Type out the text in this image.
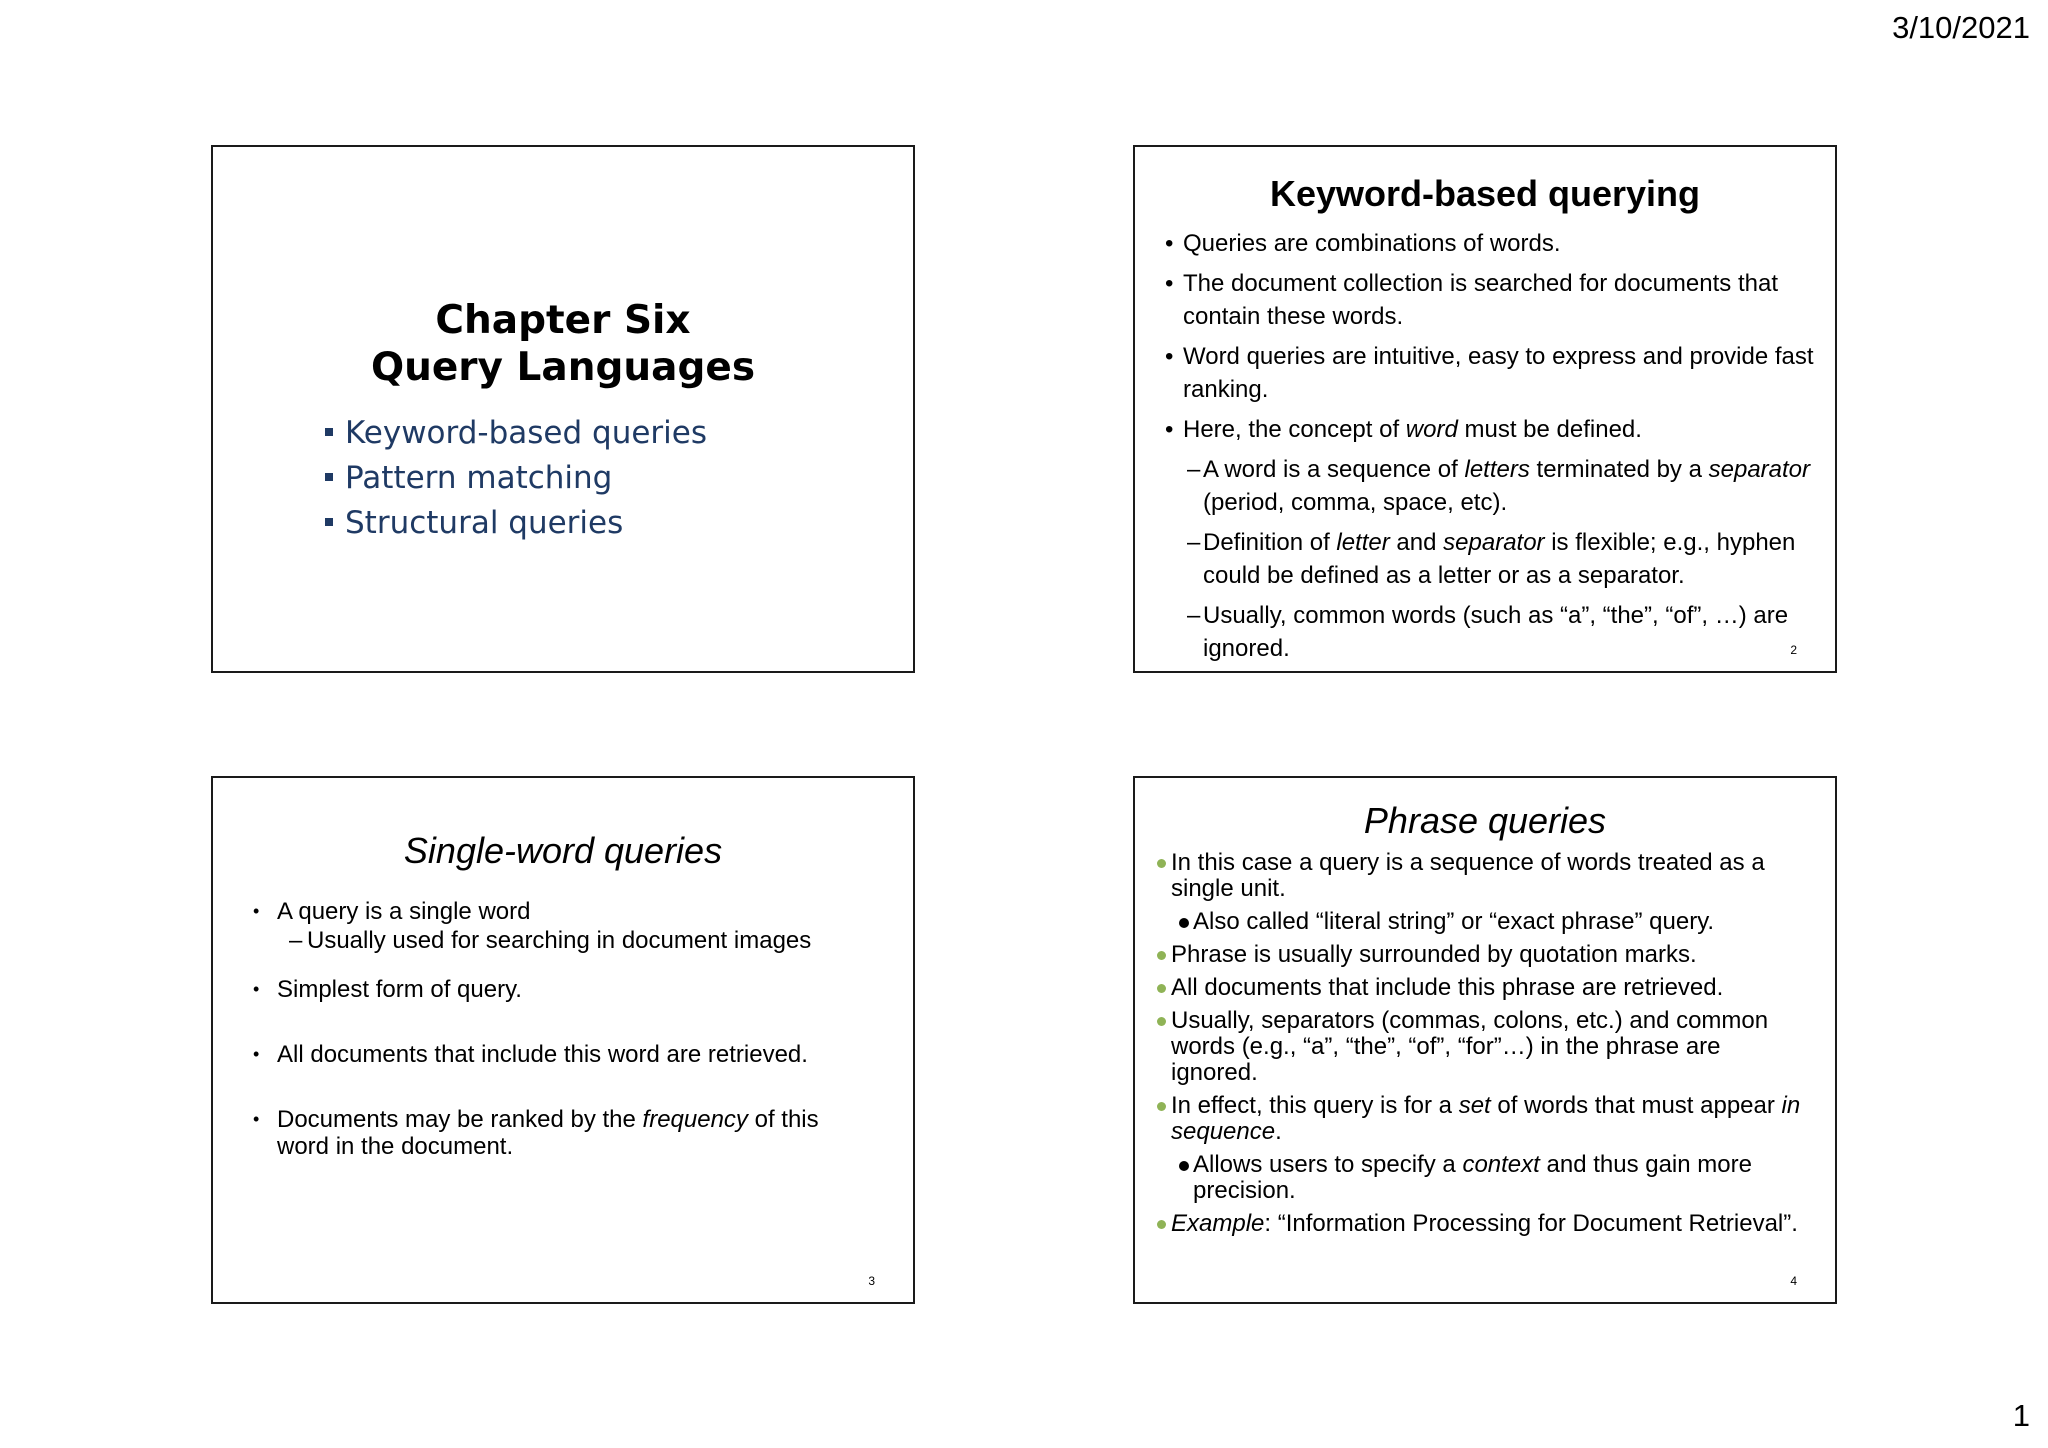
3/10/2021
Chapter Six
Query Languages
Keyword-based queries
Pattern matching
Structural queries
Keyword-based querying
• Queries are combinations of words.
• The document collection is searched for documents that contain these words.
• Word queries are intuitive, easy to express and provide fast ranking.
• Here, the concept of word must be defined.
– A word is a sequence of letters terminated by a separator (period, comma, space, etc).
– Definition of letter and separator is flexible; e.g., hyphen could be defined as a letter or as a separator.
– Usually, common words (such as “a”, “the”, “of”, …) are ignored.	2
Single-word queries
• A query is a single word
– Usually used for searching in document images
• Simplest form of query.
• All documents that include this word are retrieved.
• Documents may be ranked by the frequency of this word in the document.
3
Phrase queries
In this case a query is a sequence of words treated as a single unit.
Also called “literal string” or “exact phrase” query.
Phrase is usually surrounded by quotation marks.
All documents that include this phrase are retrieved.
Usually, separators (commas, colons, etc.) and common words (e.g., “a”, “the”, “of”, “for”…) in the phrase are ignored.
In effect, this query is for a set of words that must appear in sequence.
Allows users to specify a context and thus gain more precision.
Example: “Information Processing for Document Retrieval”.
4
1
